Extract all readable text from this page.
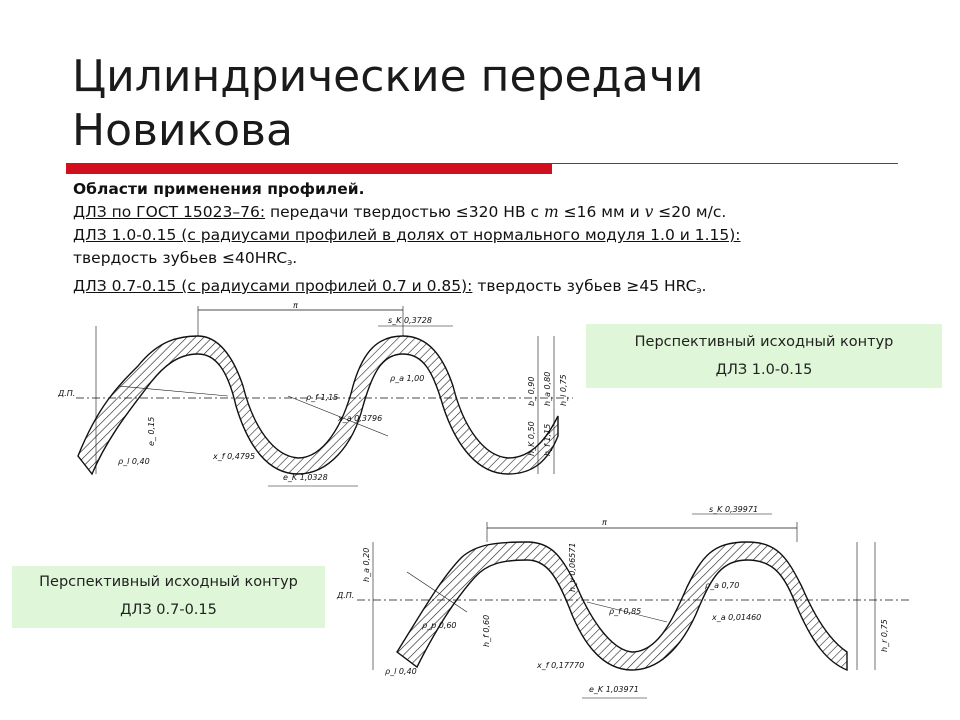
Цилиндрические передачи Новикова
Области применения профилей.
ДЛЗ по ГОСТ 15023–76: передачи твердостью ≤320 НВ с m ≤16 мм и v ≤20 м/с.
ДЛЗ 1.0-0.15 (с радиусами профилей в долях от нормального модуля 1.0 и 1.15):
твердость зубьев $\le 40HRC_э$.
ДЛЗ 0.7-0.15 (с радиусами профилей 0.7 и 0.85): твердость зубьев ≥45 $HRC_э$.
π
s_K 0,3728
Д.П.
ρ_a 1,00
ρ_f 1,15
x_a 0,3796
x_f 0,4795
e_K 1,0328
ρ_l 0,40
h_a 0,80
h_f 1,15
h_l 0,75
h_K 0,50
b_ 0,90
e_ 0,15
Перспективный исходный контур
ДЛЗ 1.0-0.15
π
s_K 0,39971
Д.П.
ρ_a 0,70
ρ_f 0,85
x_a 0,01460
x_f 0,17770
e_K 1,03971
ρ_p 0,60
ρ_l 0,40
h_a 0,20
h_f 0,60
h_v 0,06571
h_r 0,75
Перспективный исходный контур
ДЛЗ 0.7-0.15
